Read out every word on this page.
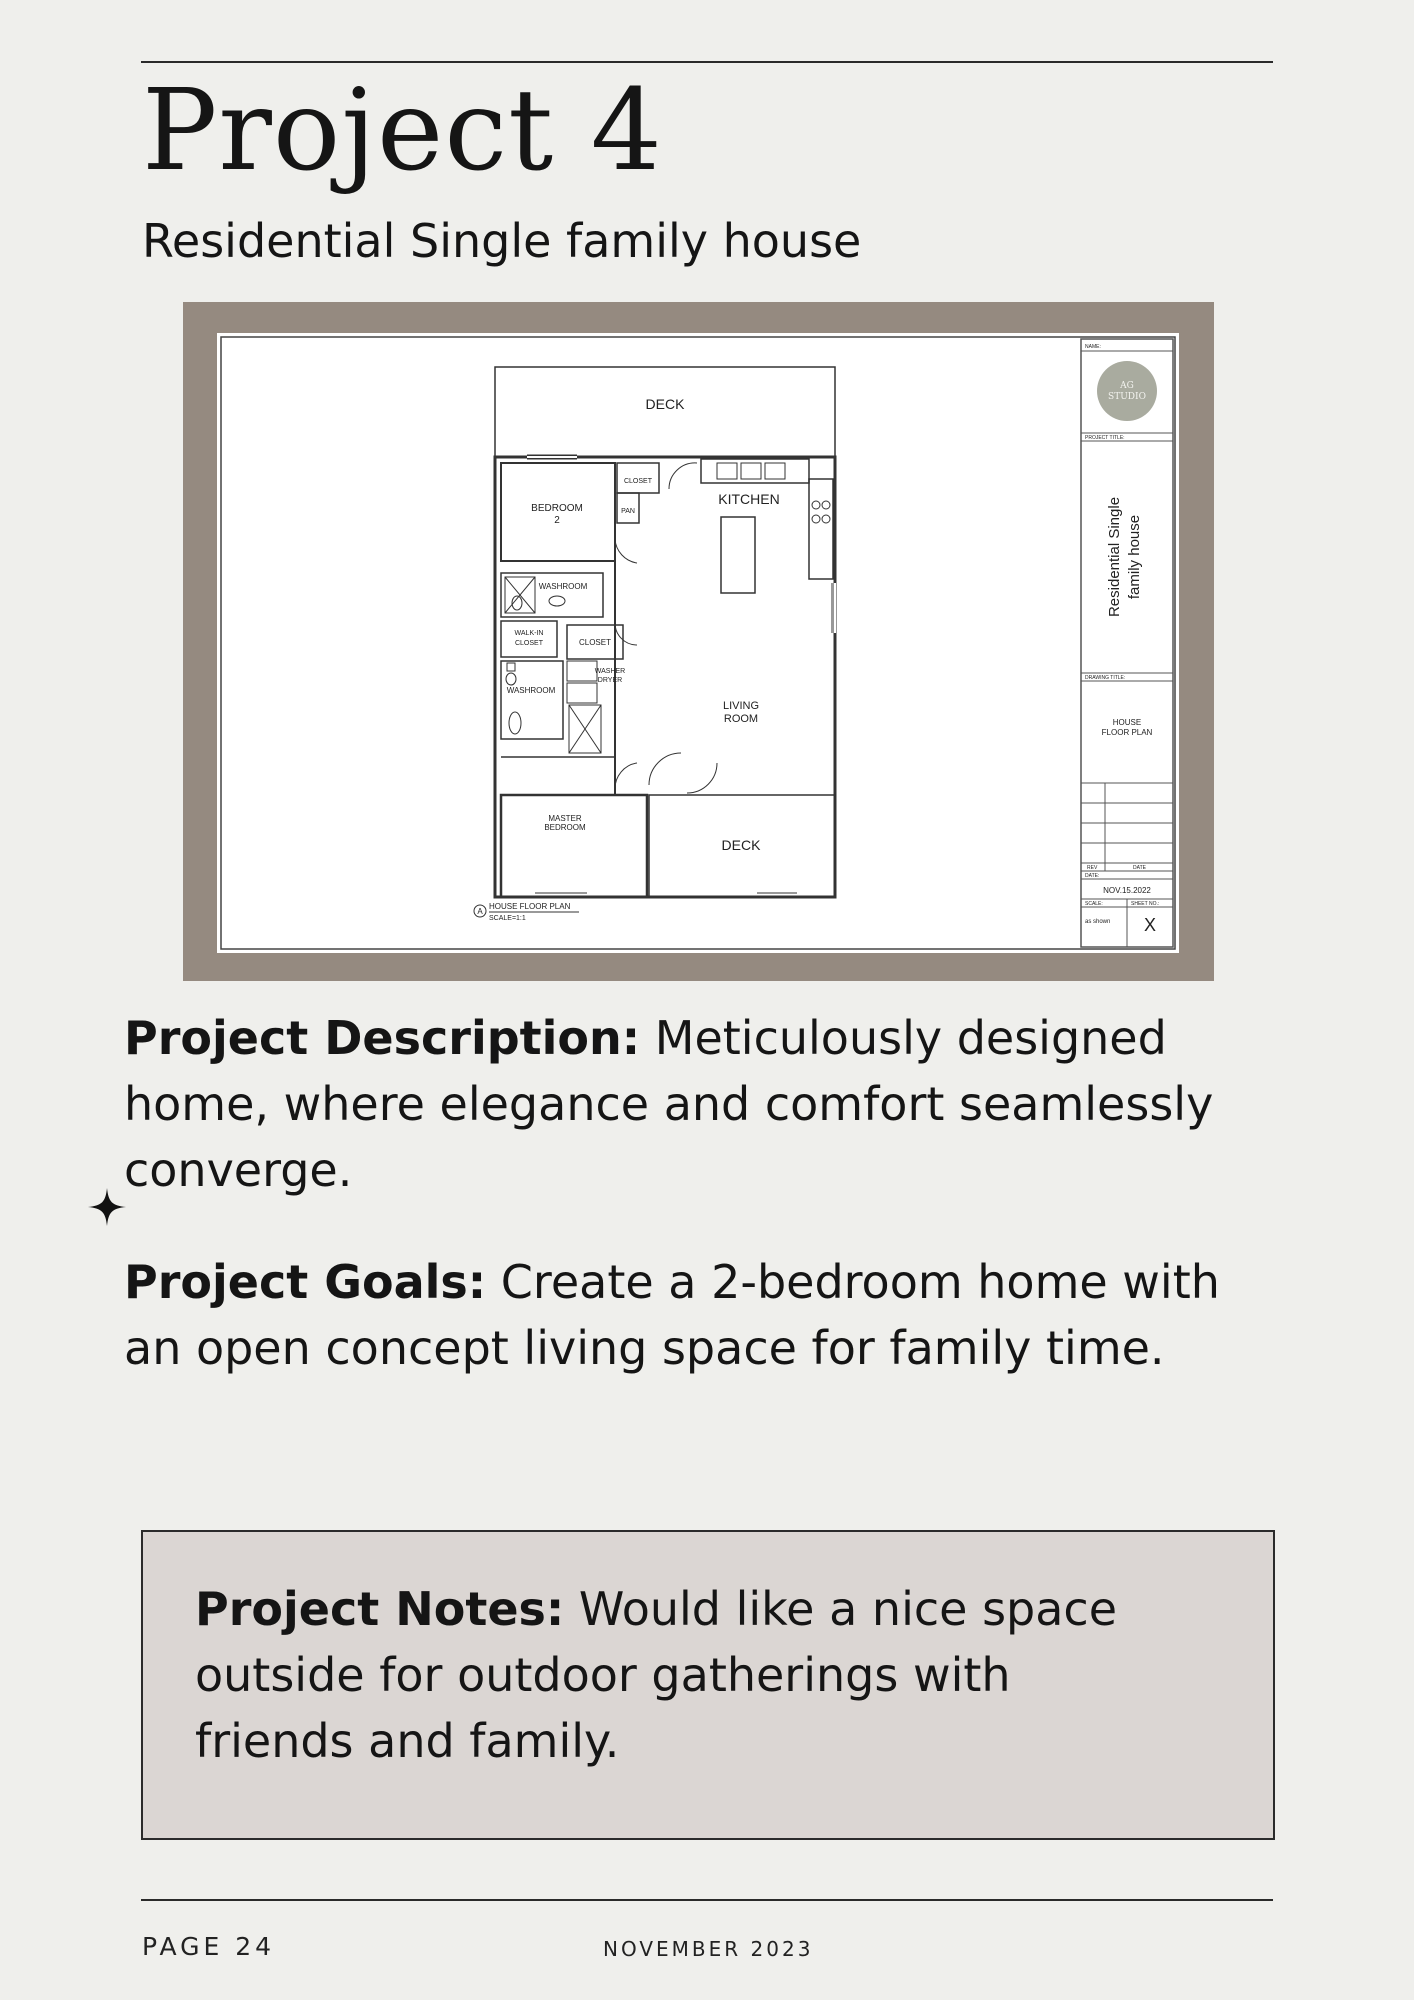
Project 4
Residential Single family house
DECK
BEDROOM
2
CLOSET
PAN
KITCHEN
WASHROOM
WALK-IN
CLOSET	CLOSET
WASHER
DRYER
WASHROOM
LIVING
ROOM
MASTER
BEDROOM
DECK
A
HOUSE FLOOR PLAN
SCALE=1:1
NAME:
AG
STUDIO
PROJECT TITLE:
Residential Single family house
DRAWING TITLE:
HOUSE
FLOOR PLAN
REV	DATE
DATE:
NOV.15.2022
SCALE:	SHEET NO.:
as shown X

Project Description: Meticulously designed home, where elegance and comfort seamlessly converge.

Project Goals: Create a 2-bedroom home with an open concept living space for family time.

Project Notes: Would like a nice space outside for outdoor gatherings with friends and family.

PAGE 24	NOVEMBER 2023
